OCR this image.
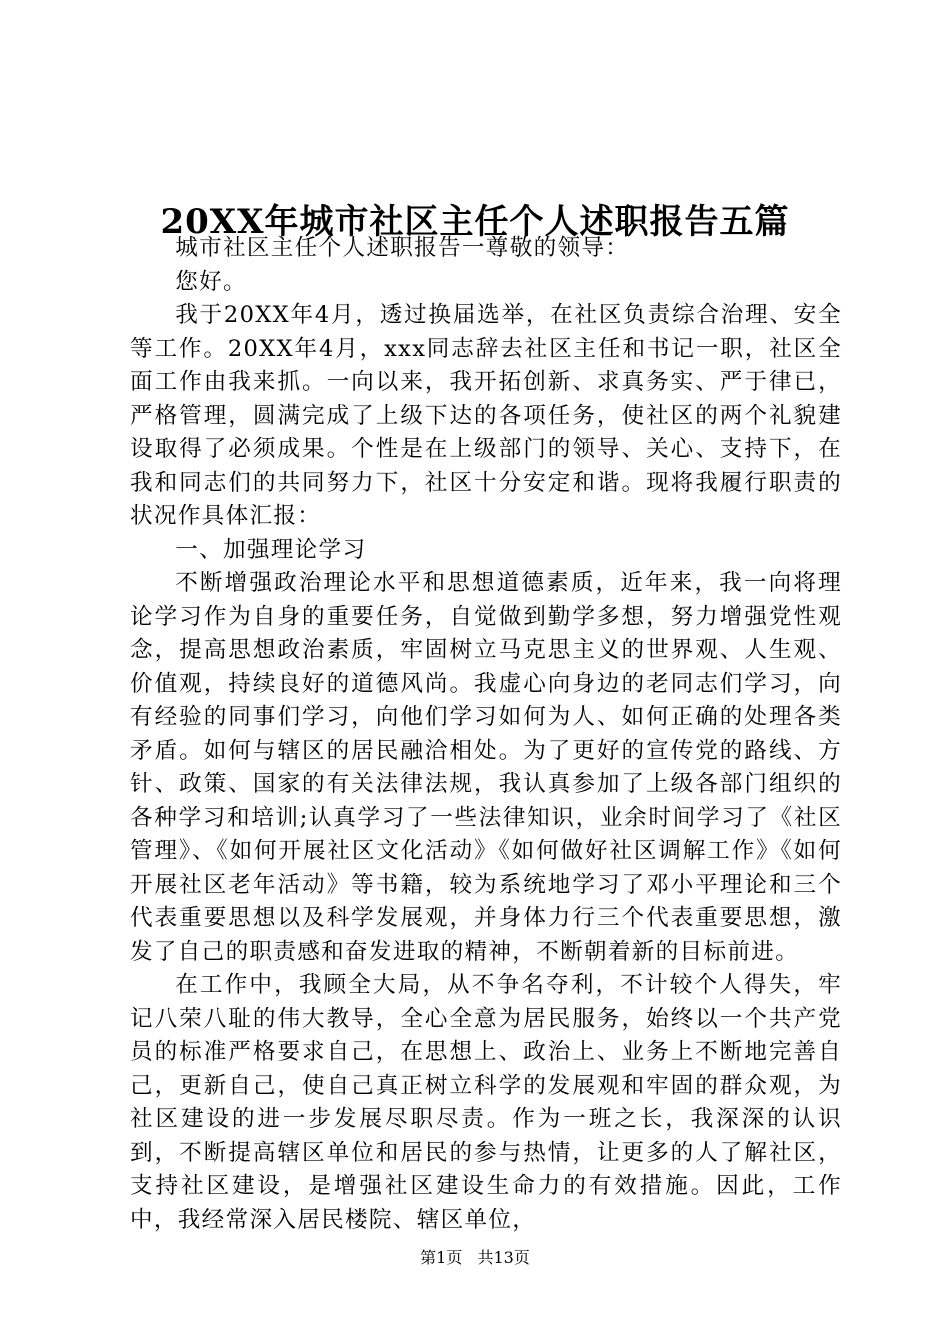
20XX年城市社区主任个人述职报告五篇

城市社区主任个人述职报告一尊敬的领导：

您好。

我于20XX年4月，透过换届选举，在社区负责综合治理、安全等工作。20XX年4月，xxx同志辞去社区主任和书记一职，社区全面工作由我来抓。一向以来，我开拓创新、求真务实、严于律已，严格管理，圆满完成了上级下达的各项任务，使社区的两个礼貌建设取得了必须成果。个性是在上级部门的领导、关心、支持下，在我和同志们的共同努力下，社区十分安定和谐。现将我履行职责的状况作具体汇报：

一、加强理论学习

不断增强政治理论水平和思想道德素质，近年来，我一向将理论学习作为自身的重要任务，自觉做到勤学多想，努力增强党性观念，提高思想政治素质，牢固树立马克思主义的世界观、人生观、价值观，持续良好的道德风尚。我虚心向身边的老同志们学习，向有经验的同事们学习，向他们学习如何为人、如何正确的处理各类矛盾。如何与辖区的居民融洽相处。为了更好的宣传党的路线、方针、政策、国家的有关法律法规，我认真参加了上级各部门组织的各种学习和培训;认真学习了一些法律知识，业余时间学习了《社区管理》、《如何开展社区文化活动》《如何做好社区调解工作》《如何开展社区老年活动》等书籍，较为系统地学习了邓小平理论和三个代表重要思想以及科学发展观，并身体力行三个代表重要思想，激发了自己的职责感和奋发进取的精神，不断朝着新的目标前进。

在工作中，我顾全大局，从不争名夺利，不计较个人得失，牢记八荣八耻的伟大教导，全心全意为居民服务，始终以一个共产党员的标准严格要求自己，在思想上、政治上、业务上不断地完善自己，更新自己，使自己真正树立科学的发展观和牢固的群众观，为社区建设的进一步发展尽职尽责。作为一班之长，我深深的认识到，不断提高辖区单位和居民的参与热情，让更多的人了解社区，支持社区建设，是增强社区建设生命力的有效措施。因此，工作中，我经常深入居民楼院、辖区单位，

第1页 共13页
